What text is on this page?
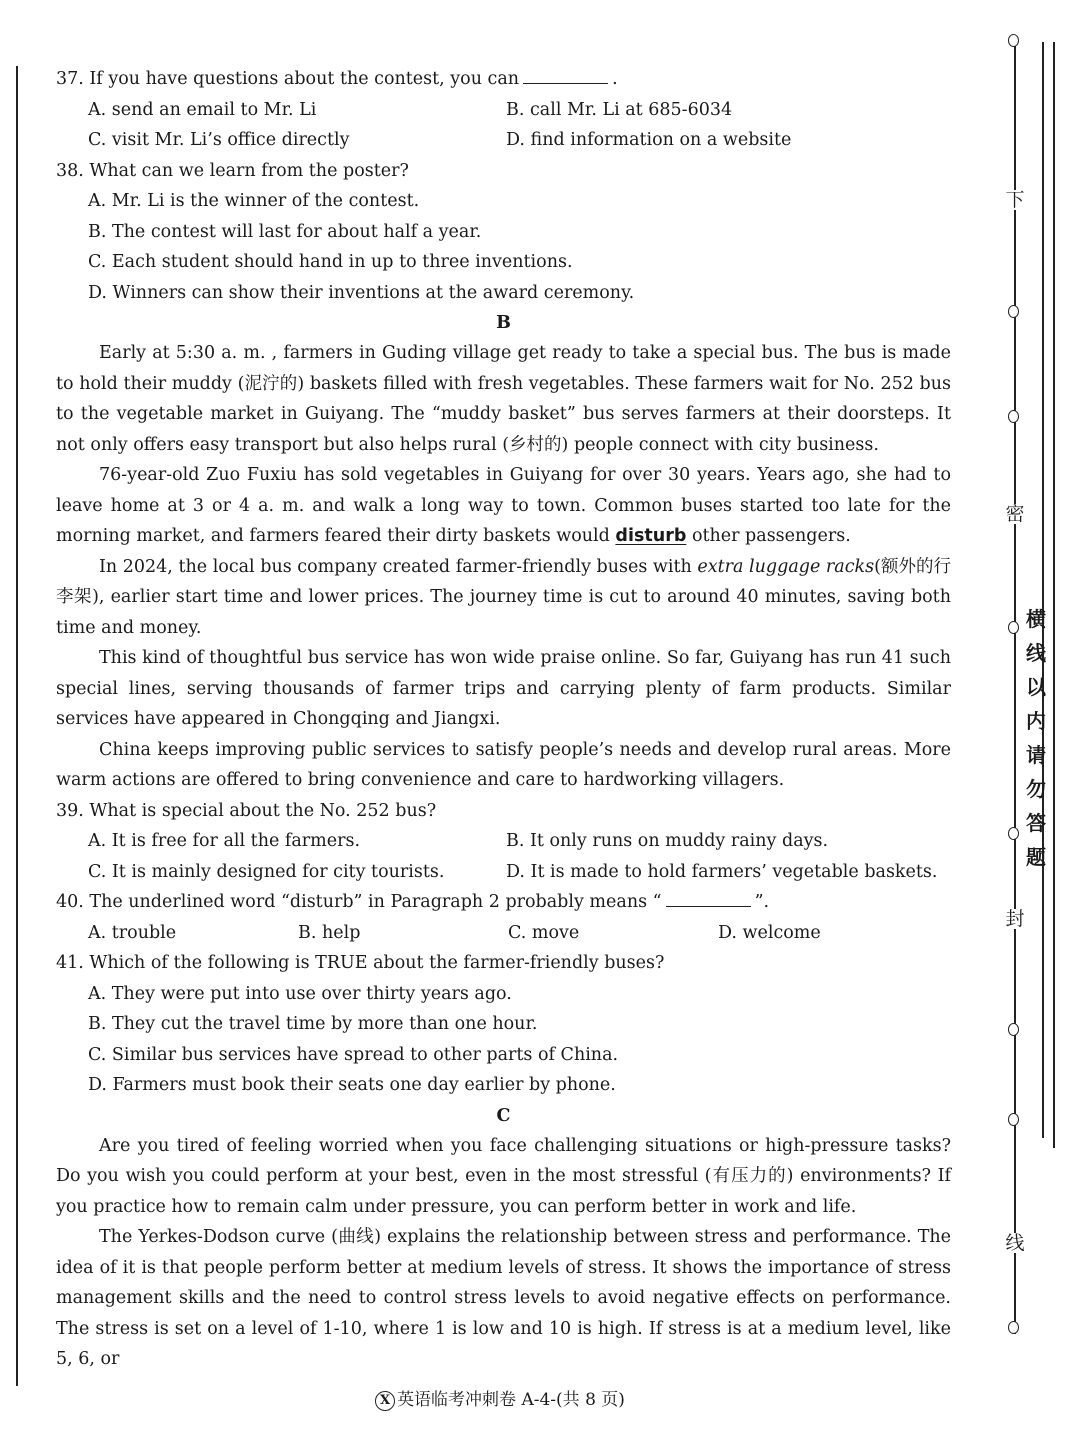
37. If you have questions about the contest, you can	.
A. send an email to Mr. Li	B. call Mr. Li at 685-6034
C. visit Mr. Li’s office directly	D. find information on a website
38. What can we learn from the poster?
A. Mr. Li is the winner of the contest.
B. The contest will last for about half a year.
C. Each student should hand in up to three inventions.
D. Winners can show their inventions at the award ceremony.
B
Early at 5:30 a. m. , farmers in Guding village get ready to take a special bus. The bus is made to hold their muddy (泥泞的) baskets filled with fresh vegetables. These farmers wait for No. 252 bus to the vegetable market in Guiyang. The “muddy basket” bus serves farmers at their doorsteps. It not only offers easy transport but also helps rural (乡村的) people connect with city business.
76-year-old Zuo Fuxiu has sold vegetables in Guiyang for over 30 years. Years ago, she had to leave home at 3 or 4 a. m. and walk a long way to town. Common buses started too late for the morning market, and farmers feared their dirty baskets would disturb other passengers.
In 2024, the local bus company created farmer-friendly buses with extra luggage racks(额外的行李架), earlier start time and lower prices. The journey time is cut to around 40 minutes, saving both time and money.
This kind of thoughtful bus service has won wide praise online. So far, Guiyang has run 41 such special lines, serving thousands of farmer trips and carrying plenty of farm products. Similar services have appeared in Chongqing and Jiangxi.
China keeps improving public services to satisfy people’s needs and develop rural areas. More warm actions are offered to bring convenience and care to hardworking villagers.
39. What is special about the No. 252 bus?
A. It is free for all the farmers.	B. It only runs on muddy rainy days.
C. It is mainly designed for city tourists.	D. It is made to hold farmers’ vegetable baskets.
40. The underlined word “disturb” in Paragraph 2 probably means “	”.
A. trouble	B. help	C. move	D. welcome
41. Which of the following is TRUE about the farmer-friendly buses?
A. They were put into use over thirty years ago.
B. They cut the travel time by more than one hour.
C. Similar bus services have spread to other parts of China.
D. Farmers must book their seats one day earlier by phone.
C
Are you tired of feeling worried when you face challenging situations or high-pressure tasks? Do you wish you could perform at your best, even in the most stressful (有压力的) environments? If you practice how to remain calm under pressure, you can perform better in work and life.
The Yerkes-Dodson curve (曲线) explains the relationship between stress and performance. The idea of it is that people perform better at medium levels of stress. It shows the importance of stress management skills and the need to control stress levels to avoid negative effects on performance. The stress is set on a level of 1-10, where 1 is low and 10 is high. If stress is at a medium level, like 5, 6, or
X 英语临考冲刺卷 A-4-(共 8 页)
下
密
封
线
横
线
以
内
请
勿
答
题
